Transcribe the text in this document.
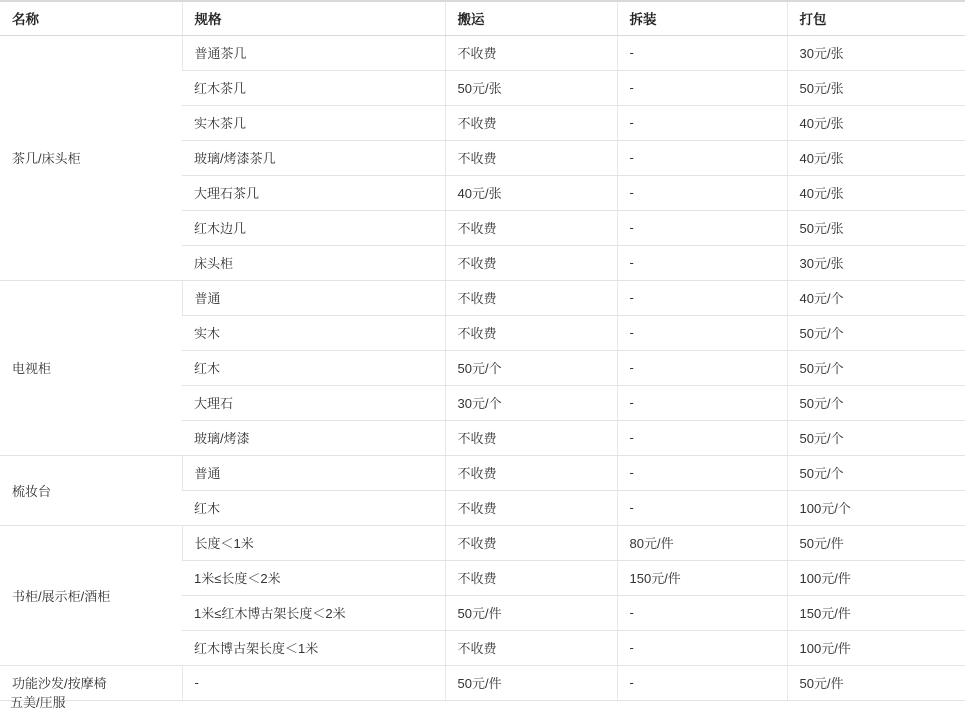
名称	规格	搬运	拆装	打包
茶几/床头柜	普通茶几	不收费	-	30元/张
	红木茶几	50元/张	-	50元/张
	实木茶几	不收费	-	40元/张
	玻璃/烤漆茶几	不收费	-	40元/张
	大理石茶几	40元/张	-	40元/张
	红木边几	不收费	-	50元/张
	床头柜	不收费	-	30元/张
电视柜	普通	不收费	-	40元/个
	实木	不收费	-	50元/个
	红木	50元/个	-	50元/个
	大理石	30元/个	-	50元/个
	玻璃/烤漆	不收费	-	50元/个
梳妆台	普通	不收费	-	50元/个
	红木	不收费	-	100元/个
书柜/展示柜/酒柜	长度＜1米	不收费	80元/件	50元/件
	1米≤长度＜2米	不收费	150元/件	100元/件
	1米≤红木博古架长度＜2米	50元/件	-	150元/件
	红木博古架长度＜1米	不收费	-	100元/件
功能沙发/按摩椅	-	50元/件	-	50元/件
五美/圧服
